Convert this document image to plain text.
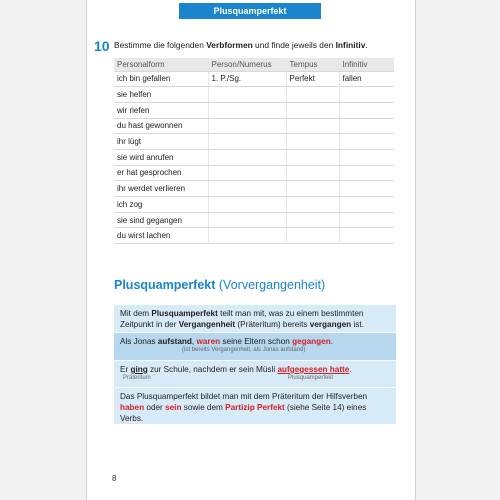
Plusquamperfekt
10 Bestimme die folgenden Verbformen und finde jeweils den Infinitiv.
Personalform	Person/Numerus	Tempus	Infinitiv
ich bin gefallen	1. P./Sg.	Perfekt	fallen
sie helfen			
wir riefen			
du hast gewonnen			
ihr lügt			
sie wird anrufen			
er hat gesprochen			
ihr werdet verlieren			
ich zog			
sie sind gegangen			
du wirst lachen			
Plusquamperfekt (Vorvergangenheit)
Mit dem Plusquamperfekt teilt man mit, was zu einem bestimmten Zeitpunkt in der Vergangenheit (Präteritum) bereits vergangen ist.
Als Jonas aufstand, waren seine Eltern schon gegangen.
(ist bereits Vergangenheit, als Jonas aufstand)
Er ging zur Schule, nachdem er sein Müsli aufgegessen hatte.
Präteritum	Plusquamperfekt
Das Plusquamperfekt bildet man mit dem Präteritum der Hilfsverben haben oder sein sowie dem Partizip Perfekt (siehe Seite 14) eines Verbs.
8
